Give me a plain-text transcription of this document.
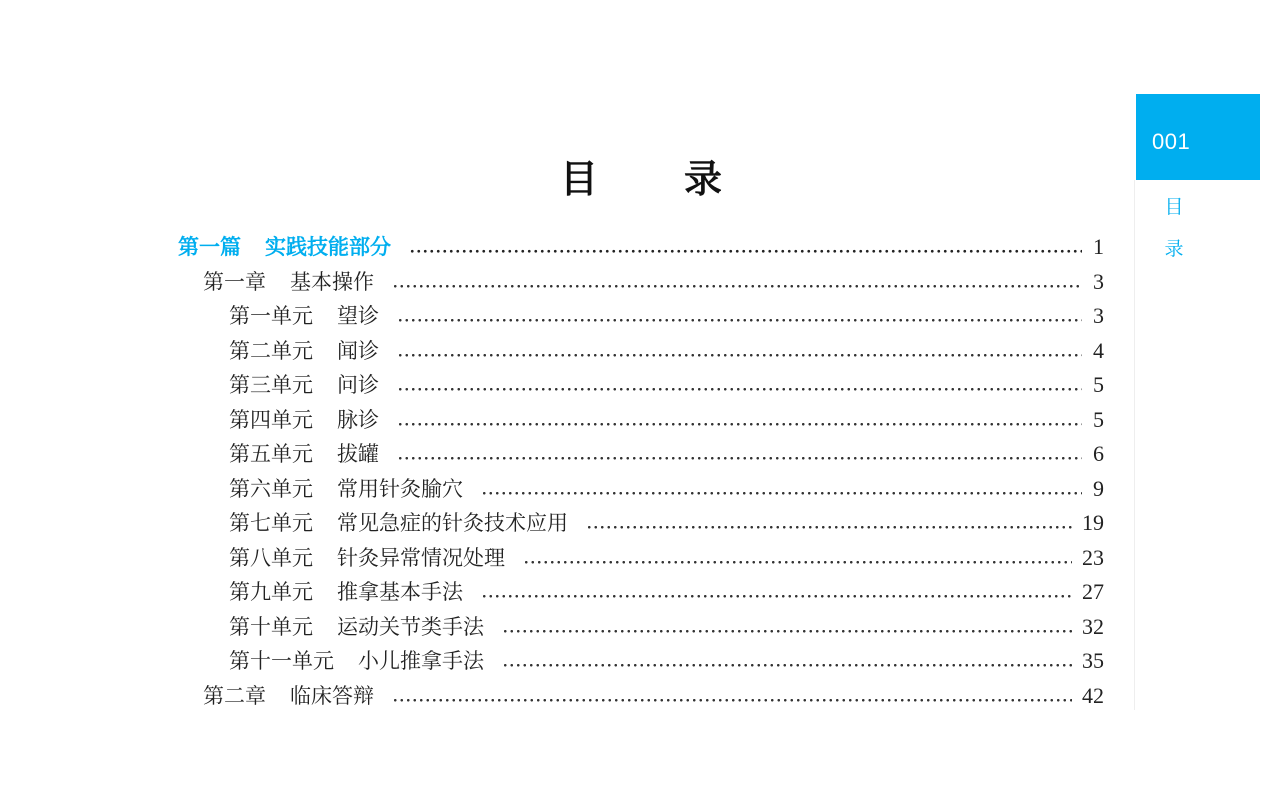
001
目
录
目 录
第一篇 实践技能部分	1
第一章 基本操作	3
第一单元 望诊	3
第二单元 闻诊	4
第三单元 问诊	5
第四单元 脉诊	5
第五单元 拔罐	6
第六单元 常用针灸腧穴	9
第七单元 常见急症的针灸技术应用	19
第八单元 针灸异常情况处理	23
第九单元 推拿基本手法	27
第十单元 运动关节类手法	32
第十一单元 小儿推拿手法	35
第二章 临床答辩	42
